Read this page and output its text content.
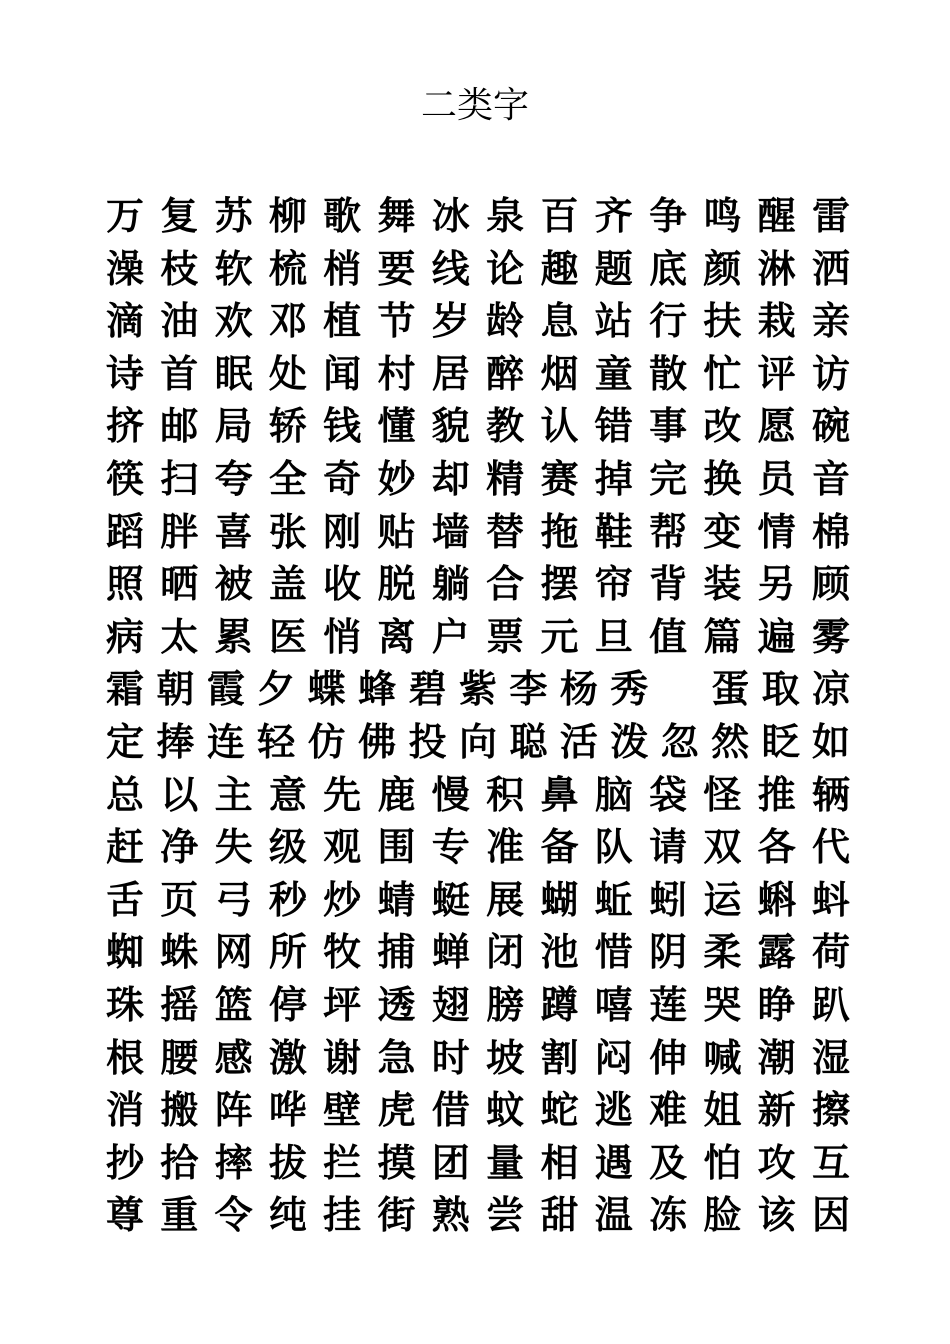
二类字
万 复 苏 柳 歌 舞 冰 泉 百 齐 争 鸣 醒 雷
澡 枝 软 梳 梢 要 线 论 趣 题 底 颜 淋 洒
滴 油 欢 邓 植 节 岁 龄 息 站 行 扶 栽 亲
诗 首 眠 处 闻 村 居 醉 烟 童 散 忙 评 访
挤 邮 局 轿 钱 懂 貌 教 认 错 事 改 愿 碗
筷 扫 夸 全 奇 妙 却 精 赛 掉 完 换 员 音
蹈 胖 喜 张 刚 贴 墙 替 拖 鞋 帮 变 情 棉
照 晒 被 盖 收 脱 躺 合 摆 帘 背 装 另 顾
病 太 累 医 悄 离 户 票 元 旦 值 篇 遍 雾
霜 朝 霞 夕 蝶 蜂 碧 紫 李 杨 秀 蛋 取 凉
定 捧 连 轻 仿 佛 投 向 聪 活 泼 忽 然 眨 如
总 以 主 意 先 鹿 慢 积 鼻 脑 袋 怪 推 辆
赶 净 失 级 观 围 专 准 备 队 请 双 各 代
舌 页 弓 秒 炒 蜻 蜓 展 蝴 蚯 蚓 运 蝌 蚪
蜘 蛛 网 所 牧 捕 蝉 闭 池 惜 阴 柔 露 荷
珠 摇 篮 停 坪 透 翅 膀 蹲 嘻 莲 哭 睁 趴
根 腰 感 激 谢 急 时 坡 割 闷 伸 喊 潮 湿
消 搬 阵 哗 壁 虎 借 蚊 蛇 逃 难 姐 新 擦
抄 拾 摔 拔 拦 摸 团 量 相 遇 及 怕 攻 互
尊 重 令 纯 挂 街 熟 尝 甜 温 冻 脸 该 因
